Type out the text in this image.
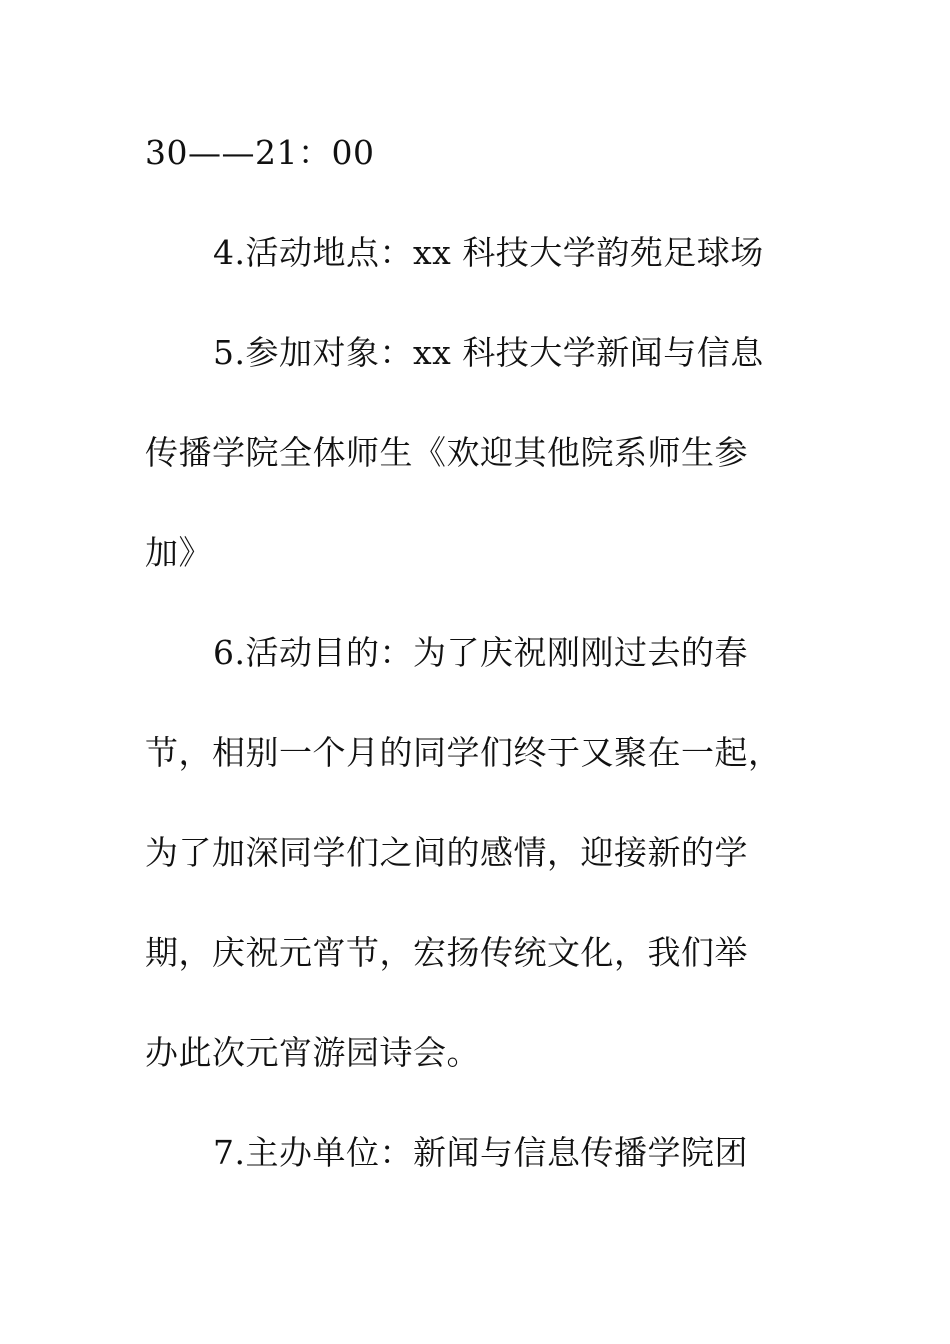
30——21：00
4.活动地点：xx 科技大学韵苑足球场
5.参加对象：xx 科技大学新闻与信息
传播学院全体师生《欢迎其他院系师生参
加》
6.活动目的：为了庆祝刚刚过去的春
节，相别一个月的同学们终于又聚在一起，
为了加深同学们之间的感情，迎接新的学
期，庆祝元宵节，宏扬传统文化，我们举
办此次元宵游园诗会。
7.主办单位：新闻与信息传播学院团
